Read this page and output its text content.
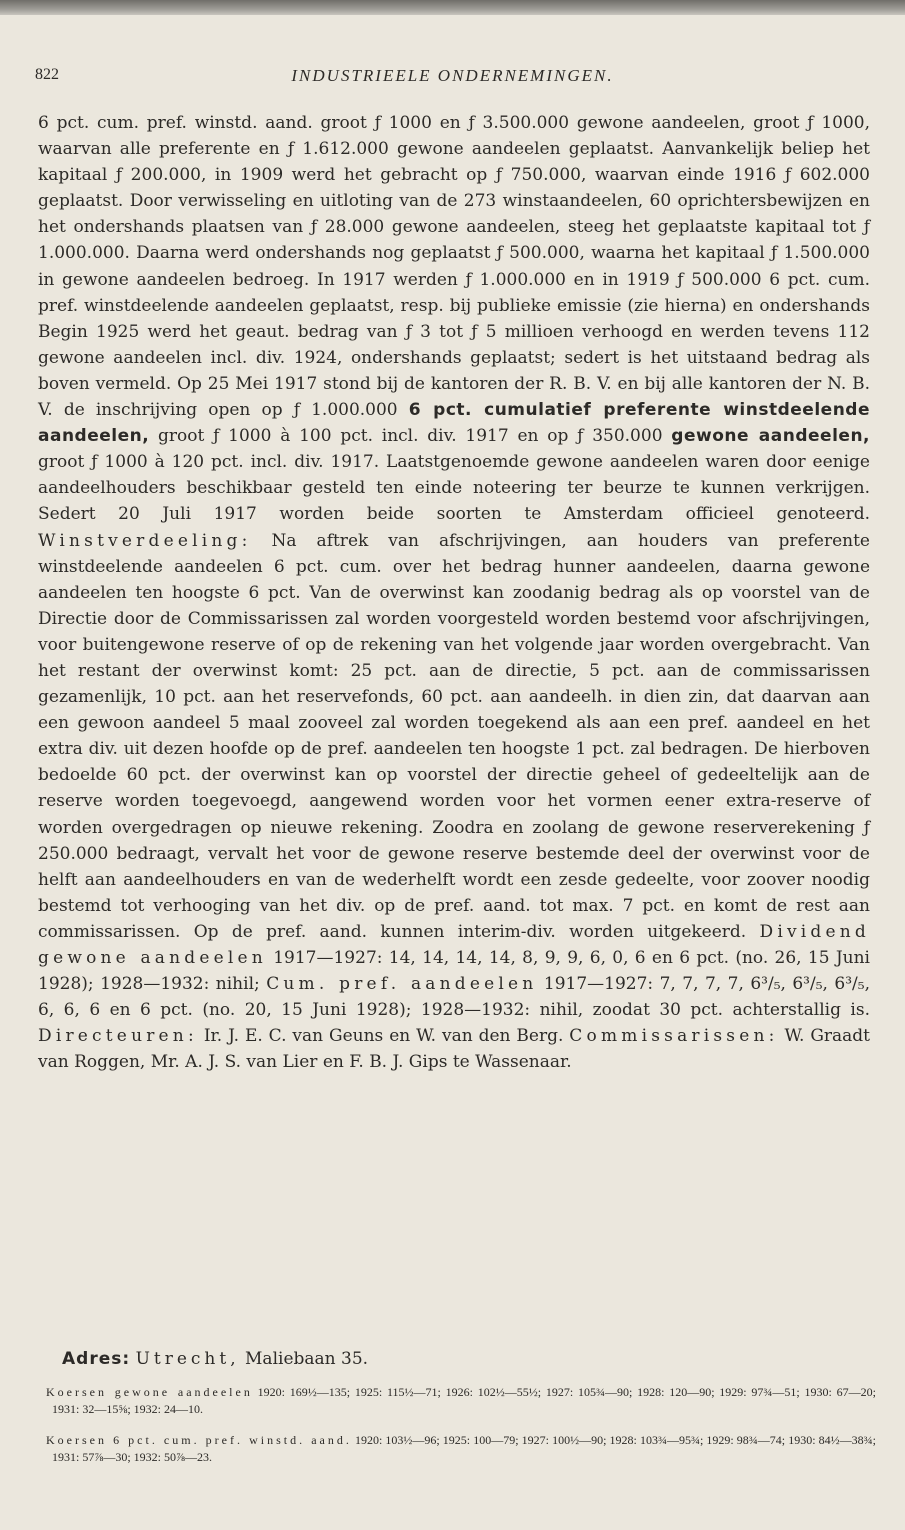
822	INDUSTRIEELE ONDERNEMINGEN.

6 pct. cum. pref. winstd. aand. groot ƒ 1000 en ƒ 3.500.000 gewone aandeelen, groot ƒ 1000, waarvan alle preferente en ƒ 1.612.000 gewone aandeelen geplaatst. Aanvankelijk beliep het kapitaal ƒ 200.000, in 1909 werd het gebracht op ƒ 750.000, waarvan einde 1916 ƒ 602.000 geplaatst. Door verwisseling en uitloting van de 273 winstaandeelen, 60 oprichtersbewijzen en het ondershands plaatsen van ƒ 28.000 gewone aandeelen, steeg het geplaatste kapitaal tot ƒ 1.000.000. Daarna werd ondershands nog geplaatst ƒ 500.000, waarna het kapitaal ƒ 1.500.000 in gewone aandeelen bedroeg. In 1917 werden ƒ 1.000.000 en in 1919 ƒ 500.000 6 pct. cum. pref. winstdeelende aandeelen geplaatst, resp. bij publieke emissie (zie hierna) en ondershands Begin 1925 werd het geaut. bedrag van ƒ 3 tot ƒ 5 millioen verhoogd en werden tevens 112 gewone aandeelen incl. div. 1924, ondershands geplaatst; sedert is het uitstaand bedrag als boven vermeld. Op 25 Mei 1917 stond bij de kantoren der R. B. V. en bij alle kantoren der N. B. V. de inschrijving open op ƒ 1.000.000 6 pct. cumulatief preferente winstdeelende aandeelen, groot ƒ 1000 à 100 pct. incl. div. 1917 en op ƒ 350.000 gewone aandeelen, groot ƒ 1000 à 120 pct. incl. div. 1917. Laatstgenoemde gewone aandeelen waren door eenige aandeelhouders beschikbaar gesteld ten einde noteering ter beurze te kunnen verkrijgen. Sedert 20 Juli 1917 worden beide soorten te Amsterdam officieel genoteerd. Winstverdeeling: Na aftrek van afschrijvingen, aan houders van preferente winstdeelende aandeelen 6 pct. cum. over het bedrag hunner aandeelen, daarna gewone aandeelen ten hoogste 6 pct. Van de overwinst kan zoodanig bedrag als op voorstel van de Directie door de Commissarissen zal worden voorgesteld worden bestemd voor afschrijvingen, voor buitengewone reserve of op de rekening van het volgende jaar worden overgebracht. Van het restant der overwinst komt: 25 pct. aan de directie, 5 pct. aan de commissarissen gezamenlijk, 10 pct. aan het reservefonds, 60 pct. aan aandeelh. in dien zin, dat daarvan aan een gewoon aandeel 5 maal zooveel zal worden toegekend als aan een pref. aandeel en het extra div. uit dezen hoofde op de pref. aandeelen ten hoogste 1 pct. zal bedragen. De hierboven bedoelde 60 pct. der overwinst kan op voorstel der directie geheel of gedeeltelijk aan de reserve worden toegevoegd, aangewend worden voor het vormen eener extra-reserve of worden overgedragen op nieuwe rekening. Zoodra en zoolang de gewone reserverekening ƒ 250.000 bedraagt, vervalt het voor de gewone reserve bestemde deel der overwinst voor de helft aan aandeelhouders en van de wederhelft wordt een zesde gedeelte, voor zoover noodig bestemd tot verhooging van het div. op de pref. aand. tot max. 7 pct. en komt de rest aan commissarissen. Op de pref. aand. kunnen interim-div. worden uitgekeerd. Dividend gewone aandeelen 1917—1927: 14, 14, 14, 14, 8, 9, 9, 6, 0, 6 en 6 pct. (no. 26, 15 Juni 1928); 1928—1932: nihil; Cum. pref. aandeelen 1917—1927: 7, 7, 7, 7, 6³/₅, 6³/₅, 6³/₅, 6, 6, 6 en 6 pct. (no. 20, 15 Juni 1928); 1928—1932: nihil, zoodat 30 pct. achterstallig is. Directeuren: Ir. J. E. C. van Geuns en W. van den Berg. Commissarissen: W. Graadt van Roggen, Mr. A. J. S. van Lier en F. B. J. Gips te Wassenaar.

Adres: Utrecht, Maliebaan 35.
Koersen gewone aandeelen 1920: 169½—135; 1925: 115½—71; 1926: 102½—55½; 1927: 105¾—90; 1928: 120—90; 1929: 97¾—51; 1930: 67—20; 1931: 32—15⅝; 1932: 24—10.
Koersen 6 pct. cum. pref. winstd. aand. 1920: 103½—96; 1925: 100—79; 1927: 100½—90; 1928: 103¾—95¾; 1929: 98¾—74; 1930: 84½—38¾; 1931: 57⅞—30; 1932: 50⅞—23.
